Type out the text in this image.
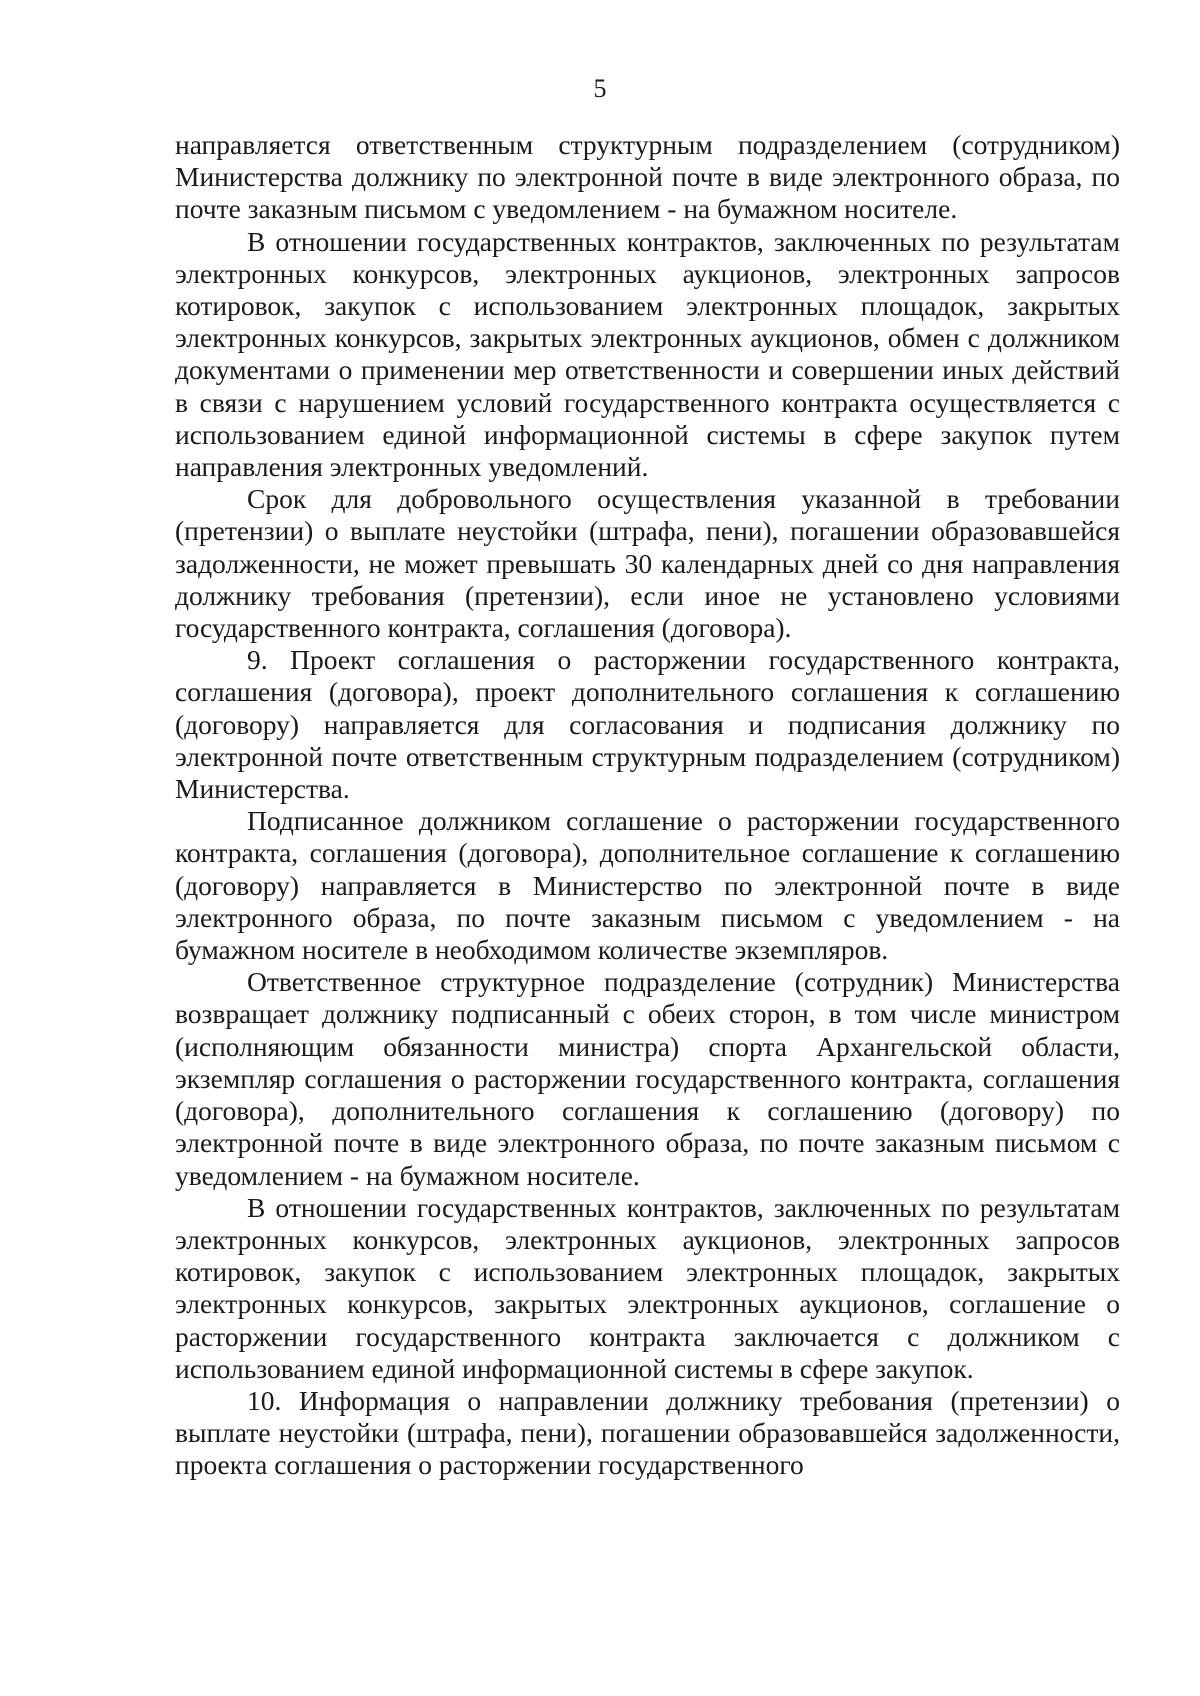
5

направляется ответственным структурным подразделением (сотрудником) Министерства должнику по электронной почте в виде электронного образа, по почте заказным письмом с уведомлением - на бумажном носителе.

В отношении государственных контрактов, заключенных по результатам электронных конкурсов, электронных аукционов, электронных запросов котировок, закупок с использованием электронных площадок, закрытых электронных конкурсов, закрытых электронных аукционов, обмен с должником документами о применении мер ответственности и совершении иных действий в связи с нарушением условий государственного контракта осуществляется с использованием единой информационной системы в сфере закупок путем направления электронных уведомлений.

Срок для добровольного осуществления указанной в требовании (претензии) о выплате неустойки (штрафа, пени), погашении образовавшейся задолженности, не может превышать 30 календарных дней со дня направления должнику требования (претензии), если иное не установлено условиями государственного контракта, соглашения (договора).

9. Проект соглашения о расторжении государственного контракта, соглашения (договора), проект дополнительного соглашения к соглашению (договору) направляется для согласования и подписания должнику по электронной почте ответственным структурным подразделением (сотрудником) Министерства.

Подписанное должником соглашение о расторжении государственного контракта, соглашения (договора), дополнительное соглашение к соглашению (договору) направляется в Министерство по электронной почте в виде электронного образа, по почте заказным письмом с уведомлением - на бумажном носителе в необходимом количестве экземпляров.

Ответственное структурное подразделение (сотрудник) Министерства возвращает должнику подписанный с обеих сторон, в том числе министром (исполняющим обязанности министра) спорта Архангельской области, экземпляр соглашения о расторжении государственного контракта, соглашения (договора), дополнительного соглашения к соглашению (договору) по электронной почте в виде электронного образа, по почте заказным письмом с уведомлением - на бумажном носителе.

В отношении государственных контрактов, заключенных по результатам электронных конкурсов, электронных аукционов, электронных запросов котировок, закупок с использованием электронных площадок, закрытых электронных конкурсов, закрытых электронных аукционов, соглашение о расторжении государственного контракта заключается с должником с использованием единой информационной системы в сфере закупок.

10. Информация о направлении должнику требования (претензии) о выплате неустойки (штрафа, пени), погашении образовавшейся задолженности, проекта соглашения о расторжении государственного
